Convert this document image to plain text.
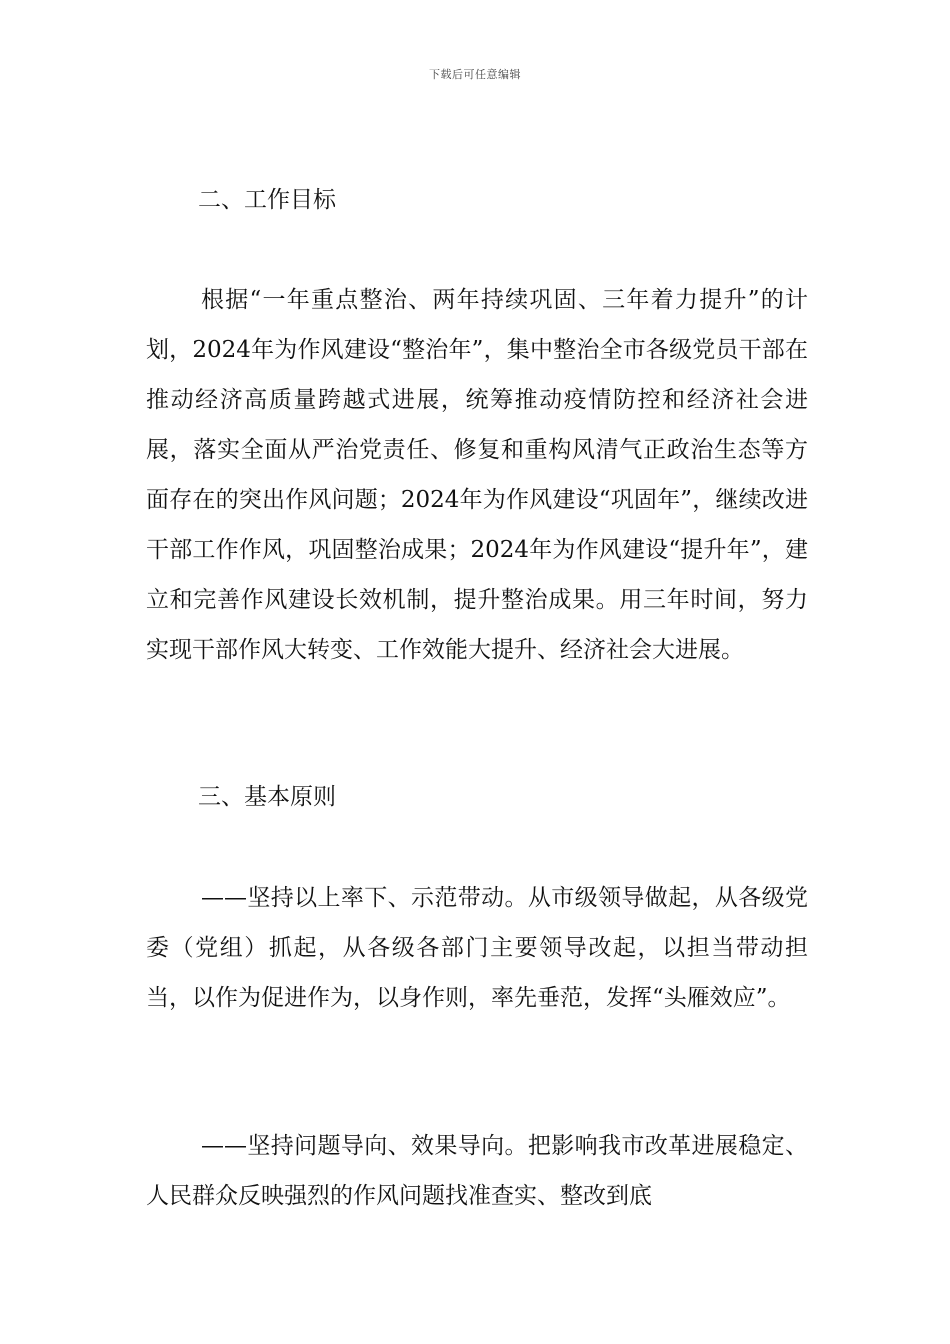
下载后可任意编辑
二、工作目标
根据“一年重点整治、两年持续巩固、三年着力提升”的计划，2024年为作风建设“整治年”，集中整治全市各级党员干部在推动经济高质量跨越式进展，统筹推动疫情防控和经济社会进展，落实全面从严治党责任、修复和重构风清气正政治生态等方面存在的突出作风问题；2024年为作风建设“巩固年”，继续改进干部工作作风，巩固整治成果；2024年为作风建设“提升年”，建立和完善作风建设长效机制，提升整治成果。用三年时间，努力实现干部作风大转变、工作效能大提升、经济社会大进展。
三、基本原则
——坚持以上率下、示范带动。从市级领导做起，从各级党委（党组）抓起，从各级各部门主要领导改起，以担当带动担当，以作为促进作为，以身作则，率先垂范，发挥“头雁效应”。
——坚持问题导向、效果导向。把影响我市改革进展稳定、人民群众反映强烈的作风问题找准查实、整改到底
